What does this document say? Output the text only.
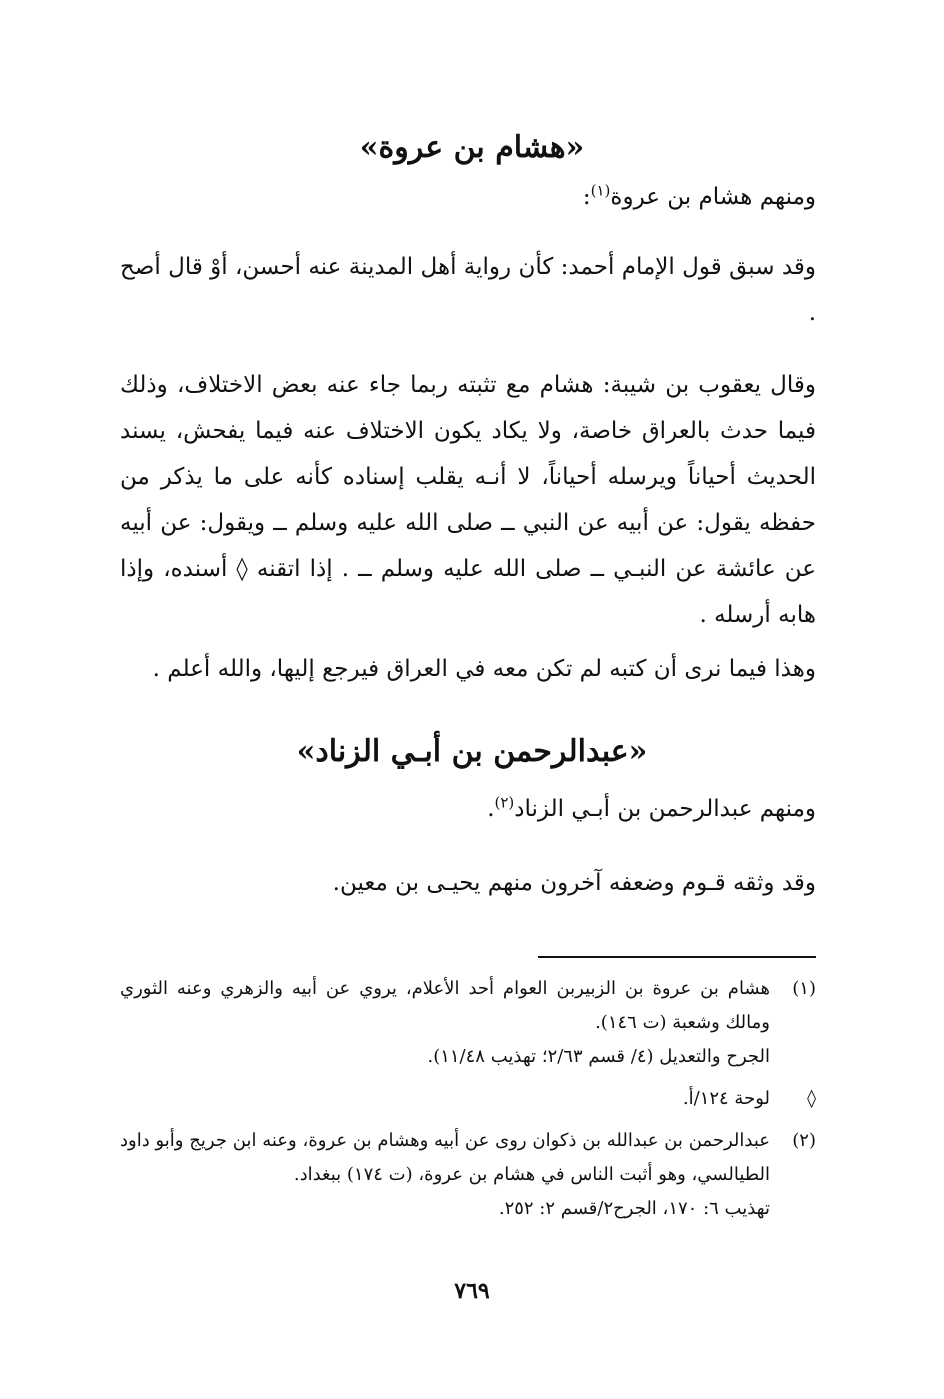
«هشام بن عروة»

ومنهم هشام بن عروة$^{(١)}$:

وقد سبق قول الإمام أحمد: كأن رواية أهل المدينة عنه أحسن، أوْ قال أصح .

وقال يعقوب بن شيبة: هشام مع تثبته ربما جاء عنه بعض الاختلاف، وذلك فيما حدث بالعراق خاصة، ولا يكاد يكون الاختلاف عنه فيما يفحش، يسند الحديث أحياناً ويرسله أحياناً، لا أنـه يقلب إسناده كأنه على ما يذكر من حفظه يقول: عن أبيه عن النبي ــ صلى الله عليه وسلم ــ ويقول: عن أبيه عن عائشة عن النبـي ــ صلى الله عليه وسلم ــ . إذا اتقنه ◊ أسنده، وإذا هابه أرسله .

وهذا فيما نرى أن كتبه لم تكن معه في العراق فيرجع إليها، والله أعلم .

«عبدالرحمن بن أبـي الزناد»

ومنهم عبدالرحمن بن أبـي الزناد$^{(٢)}$.

وقد وثقه قـوم وضعفه آخرون منهم يحيـى بن معين.

(١)
هشام بن عروة بن الزبيربن العوام أحد الأعلام، يروي عن أبيه والزهري وعنه الثوري ومالك وشعبة (ت ١٤٦).
الجرح والتعديل (٤/ قسم ٢/٦٣؛ تهذيب ١١/٤٨).
◊
لوحة ١٢٤/أ.
(٢)
عبدالرحمن بن عبدالله بن ذكوان روى عن أبيه وهشام بن عروة، وعنه ابن جريج وأبو داود الطيالسي، وهو أثبت الناس في هشام بن عروة، (ت ١٧٤) ببغداد.
تهذيب ٦: ١٧٠، الجرح٢/قسم ٢: ٢٥٢.
٧٦٩
